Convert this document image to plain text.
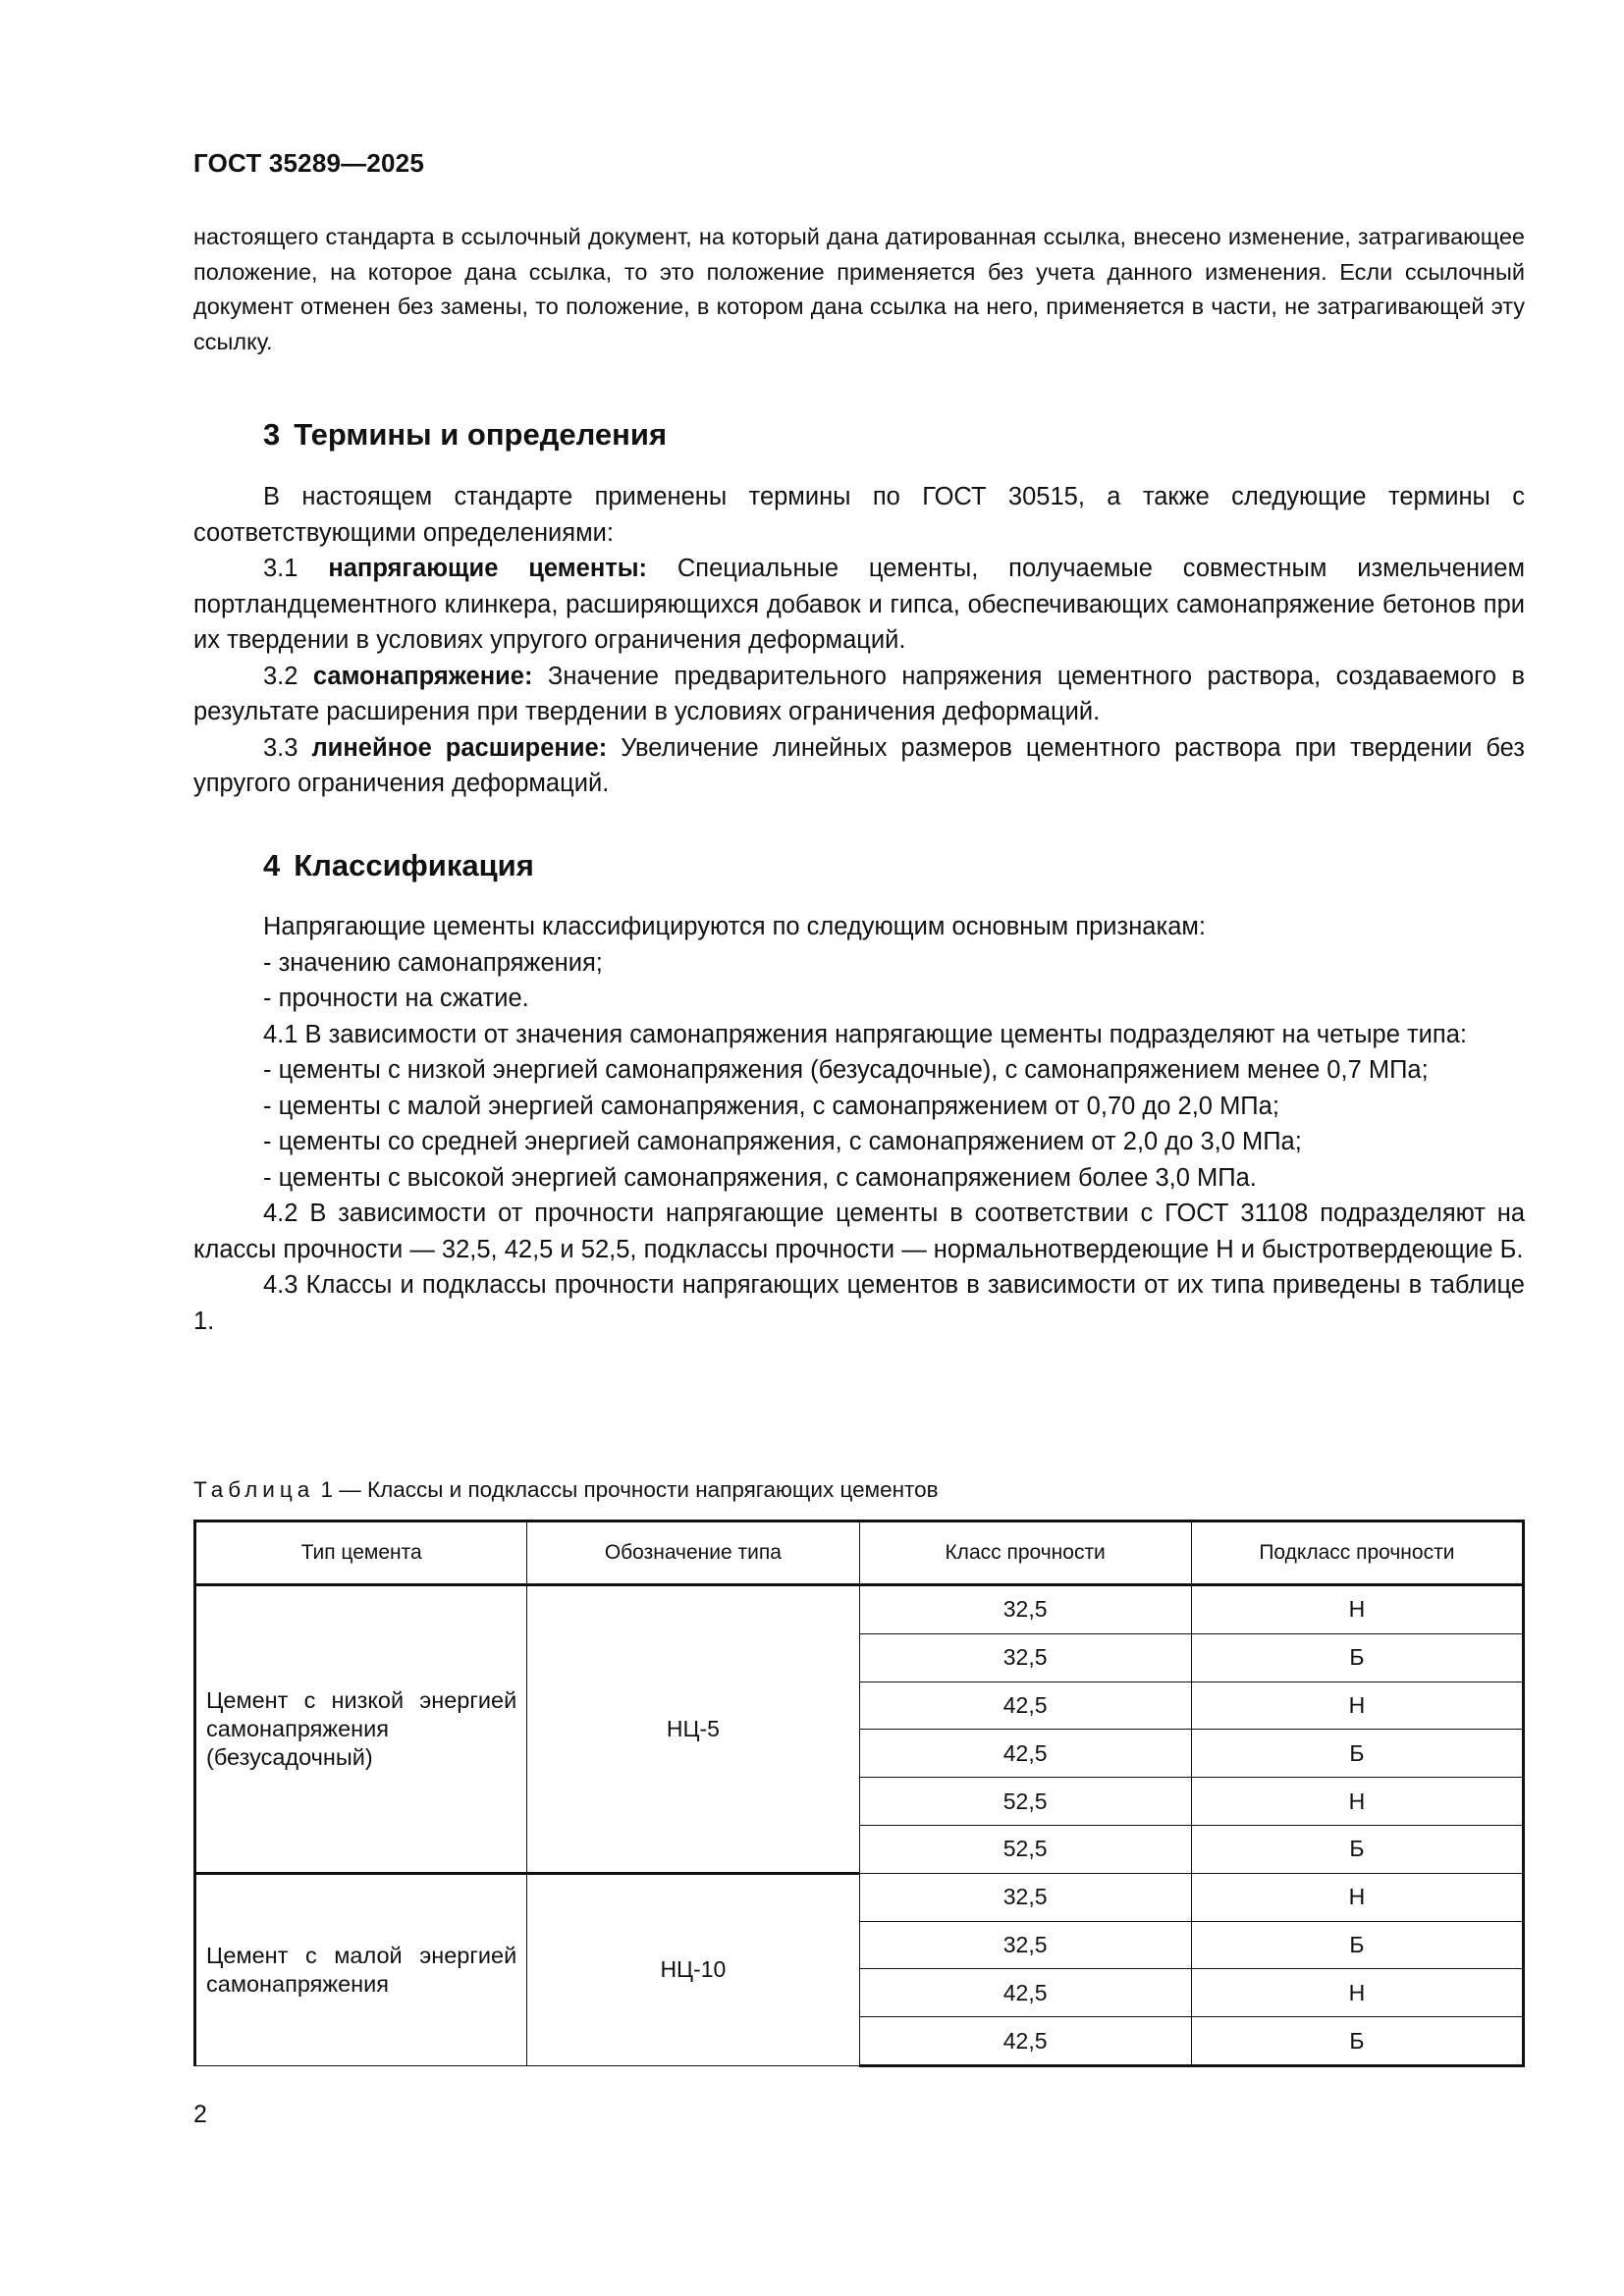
ГОСТ 35289—2025
настоящего стандарта в ссылочный документ, на который дана датированная ссылка, внесено изменение, затрагивающее положение, на которое дана ссылка, то это положение применяется без учета данного изменения. Если ссылочный документ отменен без замены, то положение, в котором дана ссылка на него, применяется в части, не затрагивающей эту ссылку.
3 Термины и определения

В настоящем стандарте применены термины по ГОСТ 30515, а также следующие термины с соответствующими определениями:

3.1 напрягающие цементы: Специальные цементы, получаемые совместным измельчением портландцементного клинкера, расширяющихся добавок и гипса, обеспечивающих самонапряжение бетонов при их твердении в условиях упругого ограничения деформаций.

3.2 самонапряжение: Значение предварительного напряжения цементного раствора, создаваемого в результате расширения при твердении в условиях ограничения деформаций.

3.3 линейное расширение: Увеличение линейных размеров цементного раствора при твердении без упругого ограничения деформаций.

4 Классификация

Напрягающие цементы классифицируются по следующим основным признакам:

- значению самонапряжения;

- прочности на сжатие.

4.1 В зависимости от значения самонапряжения напрягающие цементы подразделяют на четыре типа:

- цементы с низкой энергией самонапряжения (безусадочные), с самонапряжением менее 0,7 МПа;

- цементы с малой энергией самонапряжения, с самонапряжением от 0,70 до 2,0 МПа;

- цементы со средней энергией самонапряжения, с самонапряжением от 2,0 до 3,0 МПа;

- цементы с высокой энергией самонапряжения, с самонапряжением более 3,0 МПа.

4.2 В зависимости от прочности напрягающие цементы в соответствии с ГОСТ 31108 подразделяют на классы прочности — 32,5, 42,5 и 52,5, подклассы прочности — нормальнотвердеющие Н и быстротвердеющие Б.

4.3 Классы и подклассы прочности напрягающих цементов в зависимости от их типа приведены в таблице 1.

Таблица 1 — Классы и подклассы прочности напрягающих цементов
Тип цемента	Обозначение типа	Класс прочности	Подкласс прочности
Цемент с низкой энергией самонапряжения (безусадочный)	НЦ-5	32,5	Н
		32,5	Б
		42,5	Н
		42,5	Б
		52,5	Н
		52,5	Б
Цемент с малой энергией самонапряжения	НЦ-10	32,5	Н
		32,5	Б
		42,5	Н
		42,5	Б
2
